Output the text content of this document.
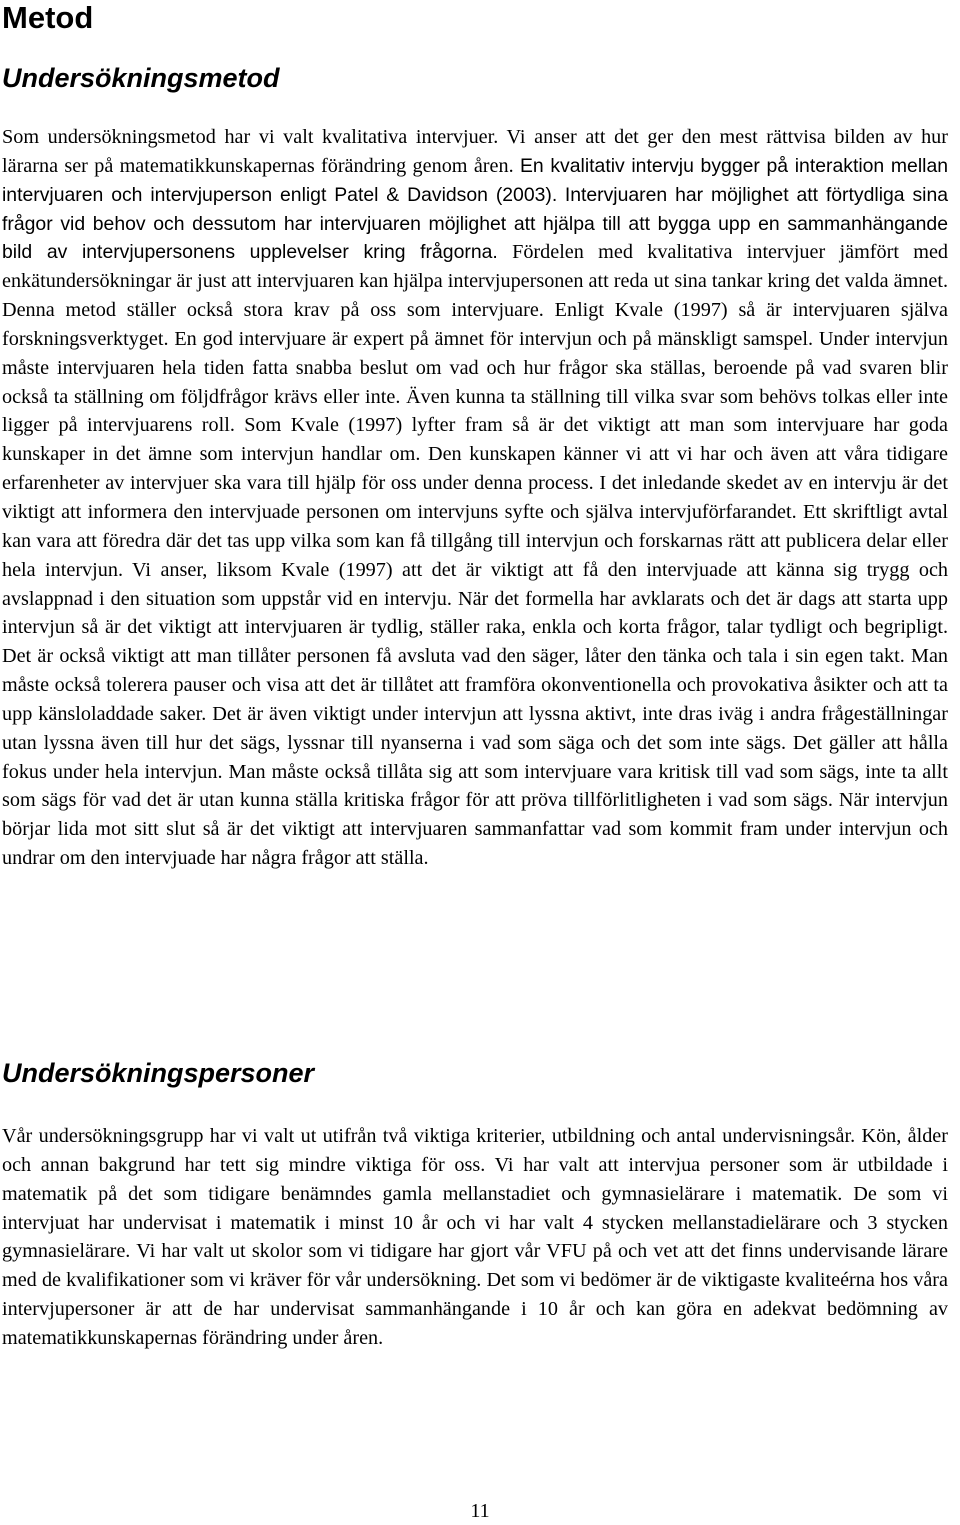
Metod
Undersökningsmetod

Som undersökningsmetod har vi valt kvalitativa intervjuer. Vi anser att det ger den mest rättvisa bilden av hur lärarna ser på matematikkunskapernas förändring genom åren. En kvalitativ intervju bygger på interaktion mellan intervjuaren och intervjuperson enligt Patel & Davidson (2003). Intervjuaren har möjlighet att förtydliga sina frågor vid behov och dessutom har intervjuaren möjlighet att hjälpa till att bygga upp en sammanhängande bild av intervjupersonens upplevelser kring frågorna. Fördelen med kvalitativa intervjuer jämfört med enkätundersökningar är just att intervjuaren kan hjälpa intervjupersonen att reda ut sina tankar kring det valda ämnet. Denna metod ställer också stora krav på oss som intervjuare. Enligt Kvale (1997) så är intervjuaren själva forskningsverktyget. En god intervjuare är expert på ämnet för intervjun och på mänskligt samspel. Under intervjun måste intervjuaren hela tiden fatta snabba beslut om vad och hur frågor ska ställas, beroende på vad svaren blir också ta ställning om följdfrågor krävs eller inte. Även kunna ta ställning till vilka svar som behövs tolkas eller inte ligger på intervjuarens roll. Som Kvale (1997) lyfter fram så är det viktigt att man som intervjuare har goda kunskaper in det ämne som intervjun handlar om. Den kunskapen känner vi att vi har och även att våra tidigare erfarenheter av intervjuer ska vara till hjälp för oss under denna process. I det inledande skedet av en intervju är det viktigt att informera den intervjuade personen om intervjuns syfte och själva intervjuförfarandet. Ett skriftligt avtal kan vara att föredra där det tas upp vilka som kan få tillgång till intervjun och forskarnas rätt att publicera delar eller hela intervjun. Vi anser, liksom Kvale (1997) att det är viktigt att få den intervjuade att känna sig trygg och avslappnad i den situation som uppstår vid en intervju. När det formella har avklarats och det är dags att starta upp intervjun så är det viktigt att intervjuaren är tydlig, ställer raka, enkla och korta frågor, talar tydligt och begripligt. Det är också viktigt att man tillåter personen få avsluta vad den säger, låter den tänka och tala i sin egen takt. Man måste också tolerera pauser och visa att det är tillåtet att framföra okonventionella och provokativa åsikter och att ta upp känsloladdade saker. Det är även viktigt under intervjun att lyssna aktivt, inte dras iväg i andra frågeställningar utan lyssna även till hur det sägs, lyssnar till nyanserna i vad som säga och det som inte sägs. Det gäller att hålla fokus under hela intervjun. Man måste också tillåta sig att som intervjuare vara kritisk till vad som sägs, inte ta allt som sägs för vad det är utan kunna ställa kritiska frågor för att pröva tillförlitligheten i vad som sägs. När intervjun börjar lida mot sitt slut så är det viktigt att intervjuaren sammanfattar vad som kommit fram under intervjun och undrar om den intervjuade har några frågor att ställa.

Undersökningspersoner

Vår undersökningsgrupp har vi valt ut utifrån två viktiga kriterier, utbildning och antal undervisningsår. Kön, ålder och annan bakgrund har tett sig mindre viktiga för oss. Vi har valt att intervjua personer som är utbildade i matematik på det som tidigare benämndes gamla mellanstadiet och gymnasielärare i matematik. De som vi intervjuat har undervisat i matematik i minst 10 år och vi har valt 4 stycken mellanstadielärare och 3 stycken gymnasielärare. Vi har valt ut skolor som vi tidigare har gjort vår VFU på och vet att det finns undervisande lärare med de kvalifikationer som vi kräver för vår undersökning. Det som vi bedömer är de viktigaste kvaliteérna hos våra intervjupersoner är att de har undervisat sammanhängande i 10 år och kan göra en adekvat bedömning av matematikkunskapernas förändring under åren.

11
